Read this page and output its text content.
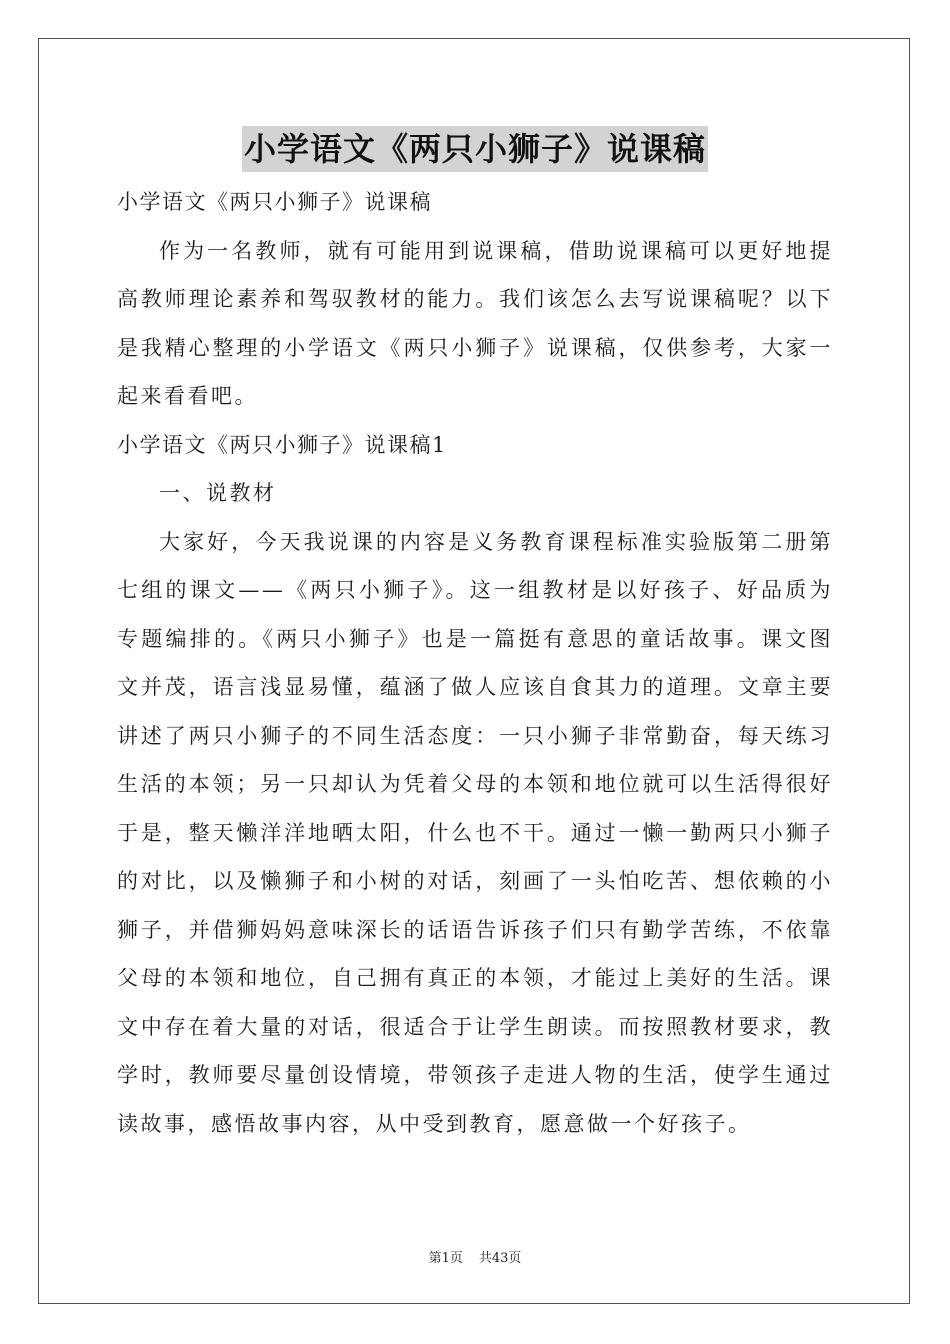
小学语文《两只小狮子》说课稿

小学语文《两只小狮子》说课稿

作为一名教师，就有可能用到说课稿，借助说课稿可以更好地提高教师理论素养和驾驭教材的能力。我们该怎么去写说课稿呢？以下是我精心整理的小学语文《两只小狮子》说课稿，仅供参考，大家一起来看看吧。

小学语文《两只小狮子》说课稿1

一、说教材

大家好，今天我说课的内容是义务教育课程标准实验版第二册第七组的课文——《两只小狮子》。这一组教材是以好孩子、好品质为专题编排的。《两只小狮子》也是一篇挺有意思的童话故事。课文图文并茂，语言浅显易懂，蕴涵了做人应该自食其力的道理。文章主要讲述了两只小狮子的不同生活态度：一只小狮子非常勤奋，每天练习生活的本领；另一只却认为凭着父母的本领和地位就可以生活得很好于是，整天懒洋洋地晒太阳，什么也不干。通过一懒一勤两只小狮子的对比，以及懒狮子和小树的对话，刻画了一头怕吃苦、想依赖的小狮子，并借狮妈妈意味深长的话语告诉孩子们只有勤学苦练，不依靠父母的本领和地位，自己拥有真正的本领，才能过上美好的生活。课文中存在着大量的对话，很适合于让学生朗读。而按照教材要求，教学时，教师要尽量创设情境，带领孩子走进人物的生活，使学生通过读故事，感悟故事内容，从中受到教育，愿意做一个好孩子。

第1页 共43页
